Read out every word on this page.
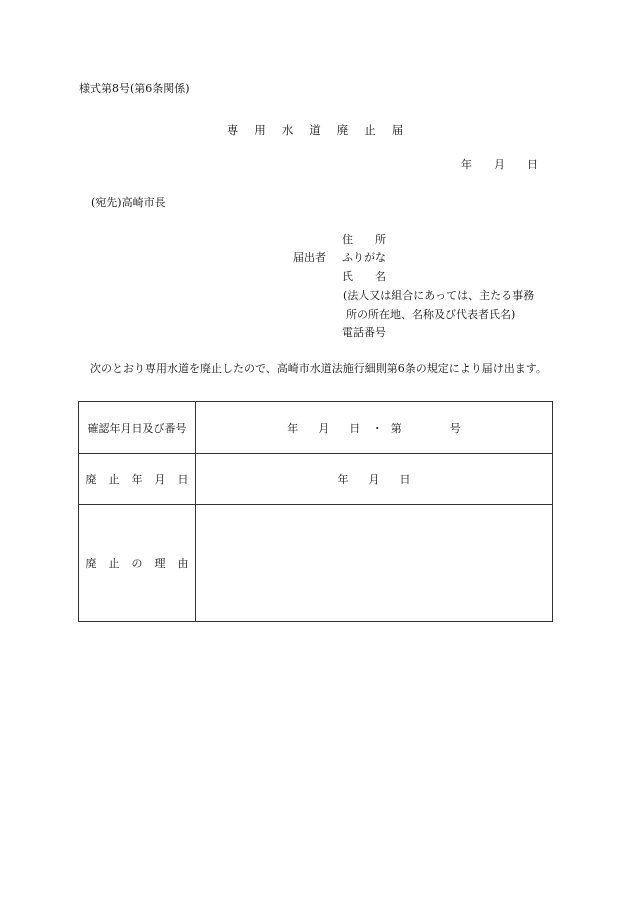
様式第8号(第6条関係)
専 用 水 道 廃 止 届
年 月 日
(宛先)高崎市長
届出者
住　　所
ふりがな
氏　　名
(法人又は組合にあっては、主たる事務
所の所在地、名称及び代表者氏名)
電話番号
次のとおり専用水道を廃止したので、高崎市水道法施行細則第6条の規定により届け出ます。
確認年月日及び番号	年 月 日 ・ 第 号
廃 止 年 月 日	年 月 日
廃 止 の 理 由	
